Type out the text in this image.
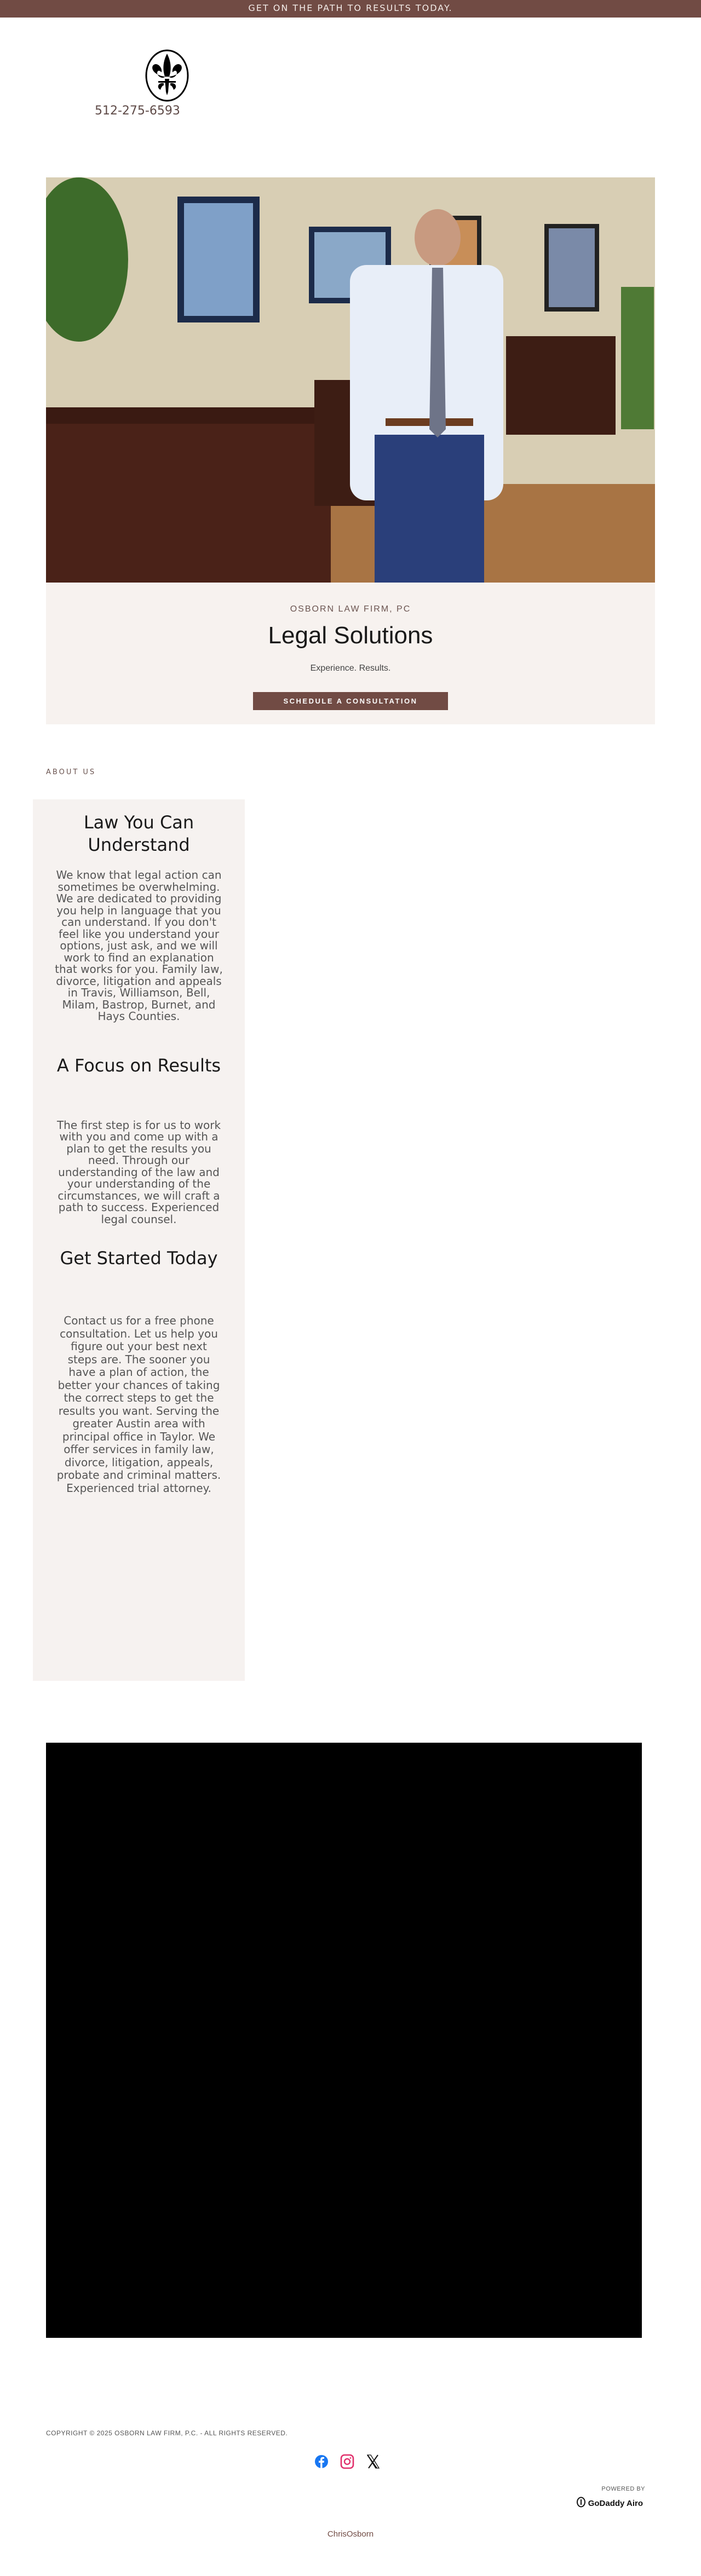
GET ON THE PATH TO RESULTS TODAY.
512-275-6593
OSBORN LAW FIRM, PC
Legal Solutions
Experience. Results.
SCHEDULE A CONSULTATION
ABOUT US
Law You Can Understand

We know that legal action can sometimes be overwhelming. We are dedicated to providing you help in language that you can understand. If you don't feel like you understand your options, just ask, and we will work to find an explanation that works for you. Family law, divorce, litigation and appeals in Travis, Williamson, Bell, Milam, Bastrop, Burnet, and Hays Counties.

A Focus on Results

The first step is for us to work with you and come up with a plan to get the results you need. Through our understanding of the law and your understanding of the circumstances, we will craft a path to success. Experienced legal counsel.

Get Started Today

Contact us for a free phone consultation. Let us help you figure out your best next steps are. The sooner you have a plan of action, the better your chances of taking the correct steps to get the results you want. Serving the greater Austin area with principal office in Taylor. We offer services in family law, divorce, litigation, appeals, probate and criminal matters. Experienced trial attorney.

COPYRIGHT © 2025 OSBORN LAW FIRM, P.C. - ALL RIGHTS RESERVED.
POWERED BY
GoDaddy Airo
ChrisOsborn
